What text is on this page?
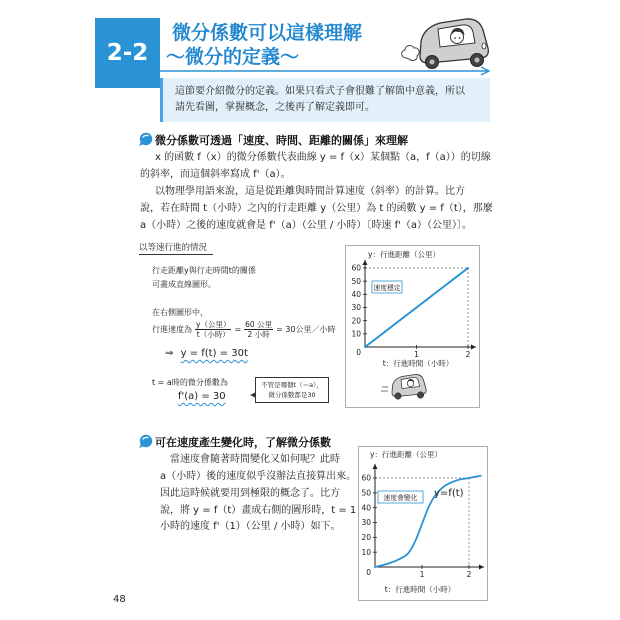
2-2
微分係數可以這樣理解
～微分的定義～
這節要介紹微分的定義。如果只看式子會很難了解箇中意義，所以
請先看圖，掌握概念，之後再了解定義即可。
微分係數可透過「速度、時間、距離的關係」來理解
x 的函數 f（x）的微分係數代表曲線 y = f（x）某個點（a，f（a））的切線
的斜率，而這個斜率寫成 f'（a）。
以物理學用語來說，這是從距離與時間計算速度（斜率）的計算。比方
說，若在時間 t（小時）之內的行走距離 y（公里）為 t 的函數 y = f（t），那麼
a（小時）之後的速度就會是 f'（a）（公里 / 小時）〔時速 f'（a）（公里）〕。
以等速行進的情況
行走距離y與行走時間t的關係
可畫成直線圖形。
在右側圖形中，
行進速度為 $\frac{\text{y（公里）}}{\text{t（小時）}} = \frac{\text{60 公里}}{\text{2 小時}} = 30$公里／小時
⇒ y = f(t) = 30t
t = a時的微分係數為
f'(a) = 30
不管是哪個t（＝a），
微分係數都是30
60
50
40
30
20
10
0	1	2
y：行進距離（公里）
t：行進時間（小時）
速度穩定
可在速度產生變化時，了解微分係數
當速度會隨著時間變化又如何呢？此時
a（小時）後的速度似乎沒辦法直接算出來。
因此這時候就要用到極限的概念了。比方
說，將 y = f（t）畫成右側的圖形時，t = 1
小時的速度 f'（1）（公里 / 小時）如下。
60
50
40
30
20
10
0	1	2
y：行進距離（公里）
t：行進時間（小時）
速度會變化 y=f(t)
48
